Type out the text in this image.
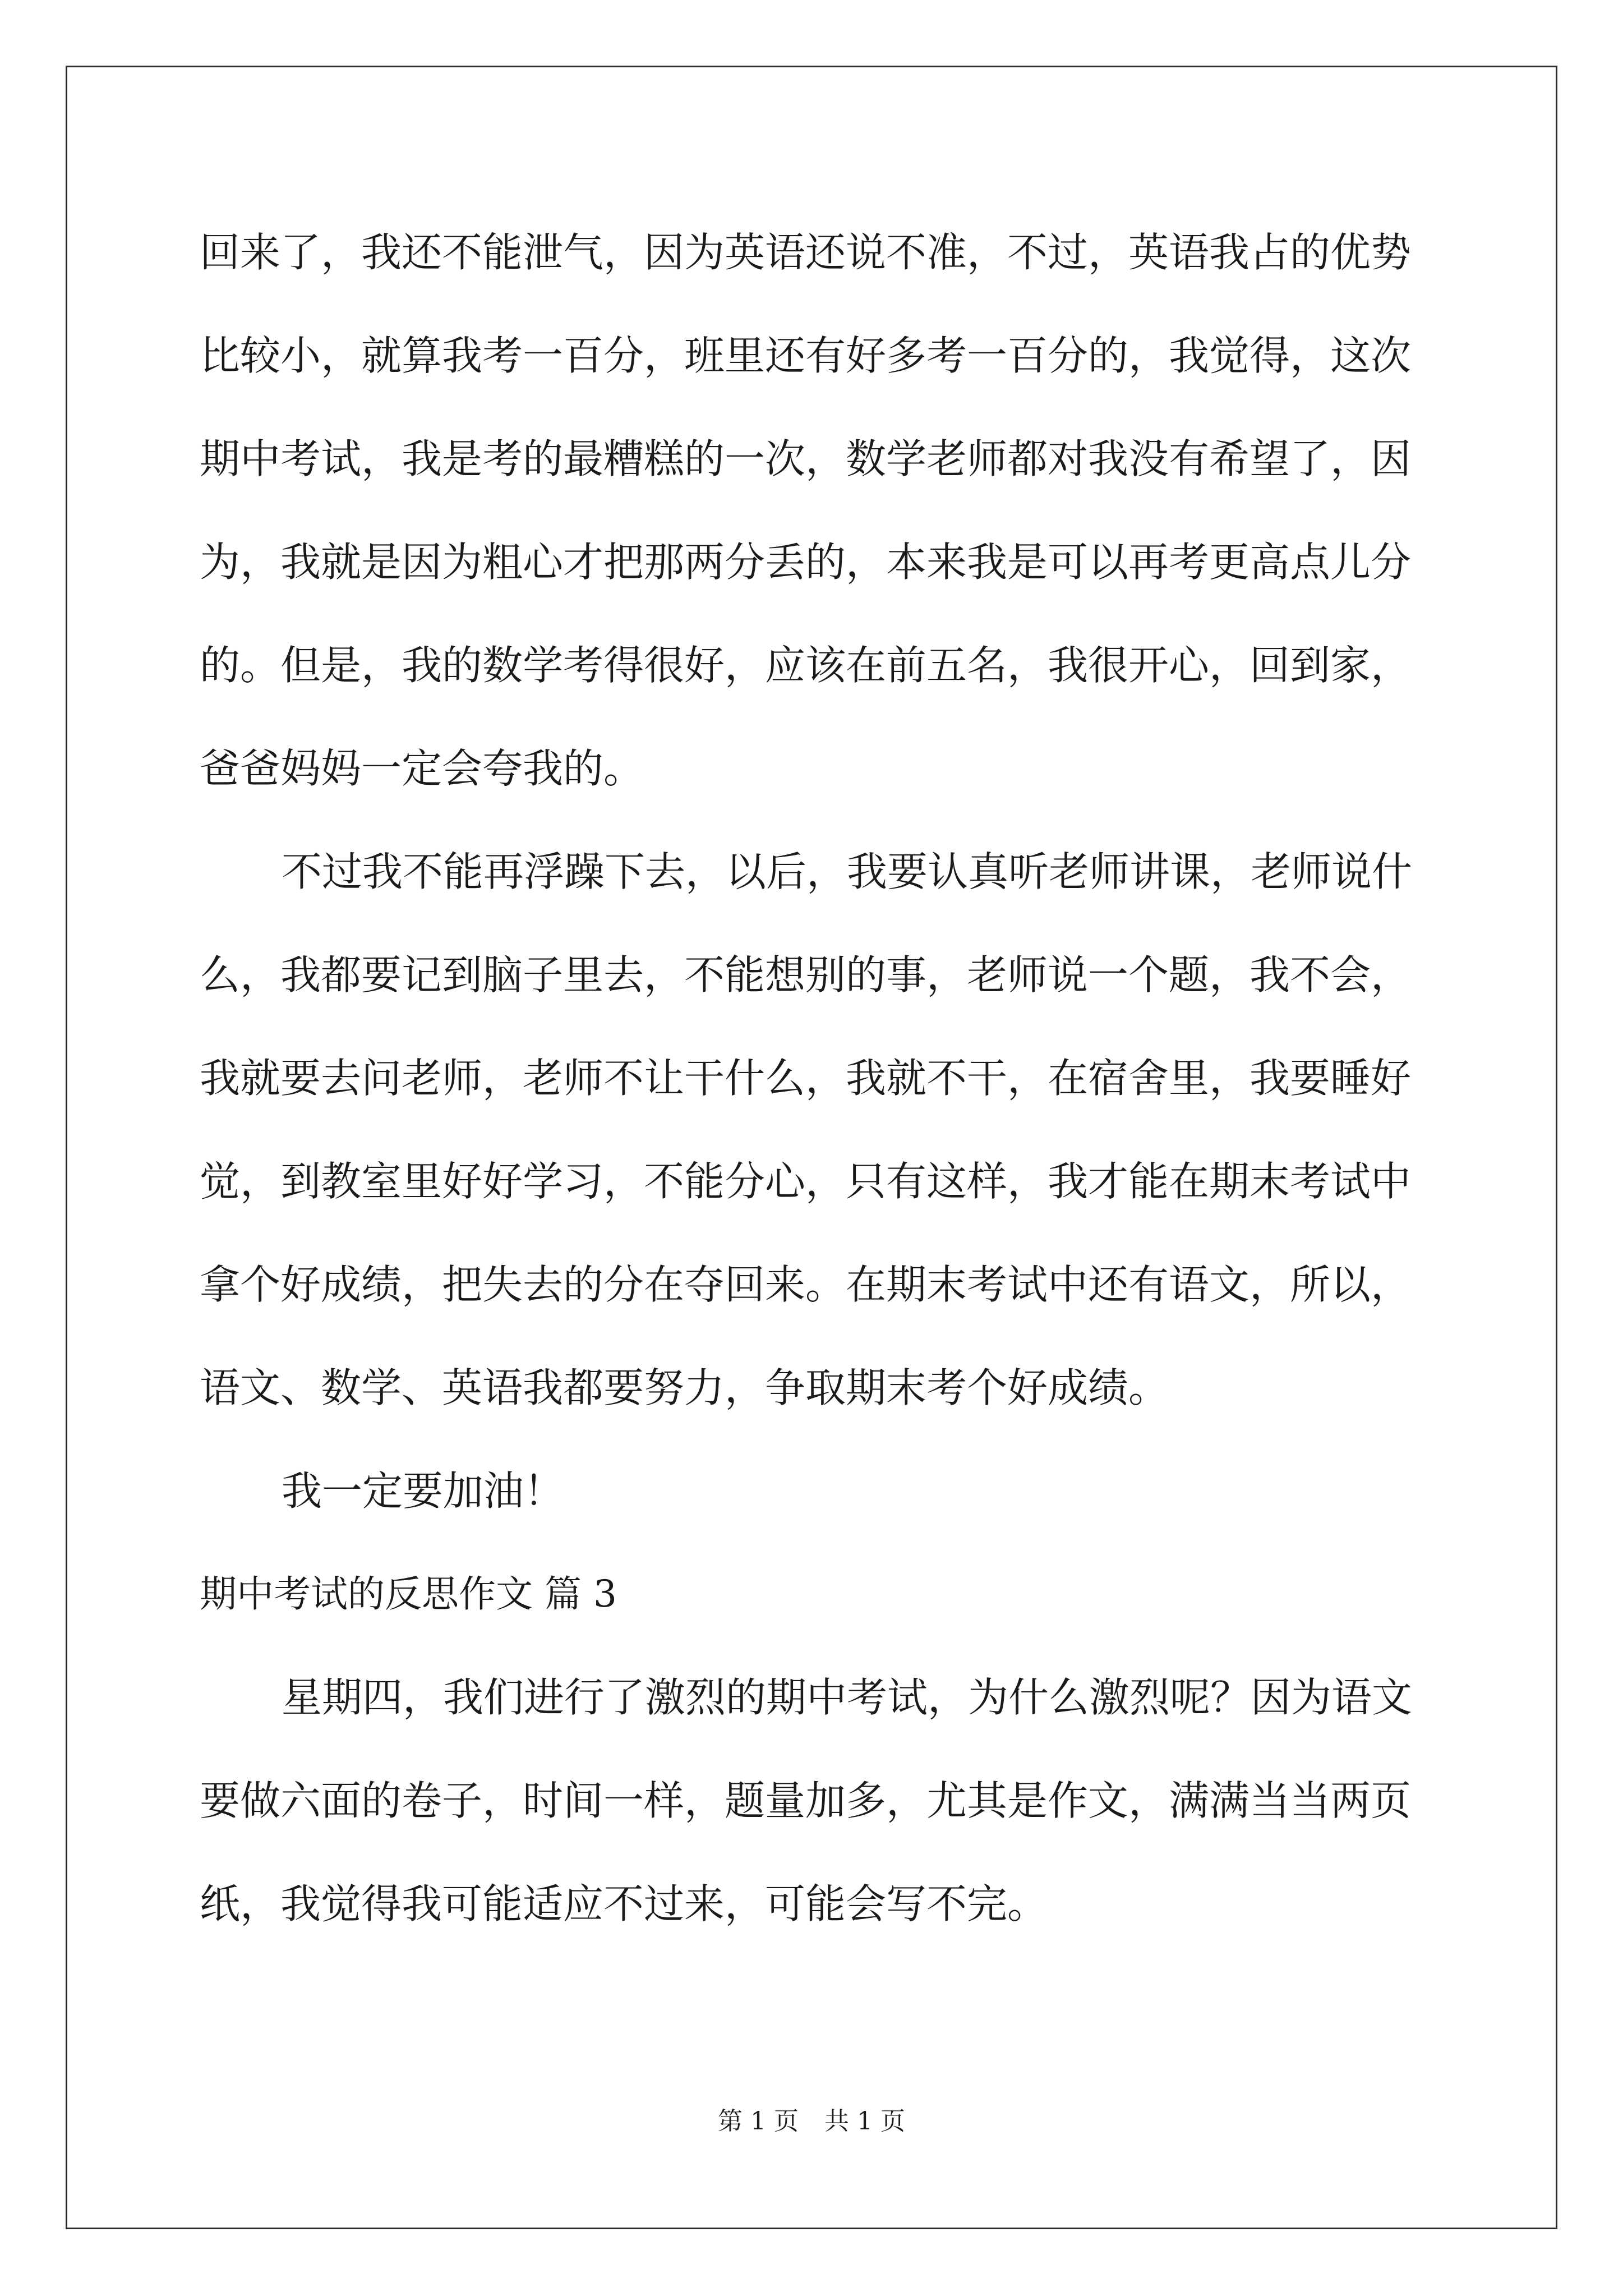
回来了，我还不能泄气，因为英语还说不准，不过，英语我占的优势
比较小，就算我考一百分，班里还有好多考一百分的，我觉得，这次
期中考试，我是考的最糟糕的一次，数学老师都对我没有希望了，因
为，我就是因为粗心才把那两分丢的，本来我是可以再考更高点儿分
的。但是，我的数学考得很好，应该在前五名，我很开心，回到家，
爸爸妈妈一定会夸我的。
不过我不能再浮躁下去，以后，我要认真听老师讲课，老师说什
么，我都要记到脑子里去，不能想别的事，老师说一个题，我不会，
我就要去问老师，老师不让干什么，我就不干，在宿舍里，我要睡好
觉，到教室里好好学习，不能分心，只有这样，我才能在期末考试中
拿个好成绩，把失去的分在夺回来。在期末考试中还有语文，所以，
语文、数学、英语我都要努力，争取期末考个好成绩。
我一定要加油！
期中考试的反思作文 篇 3
星期四，我们进行了激烈的期中考试，为什么激烈呢？因为语文
要做六面的卷子，时间一样，题量加多，尤其是作文，满满当当两页
纸，我觉得我可能适应不过来，可能会写不完。
第 1 页 共 1 页
